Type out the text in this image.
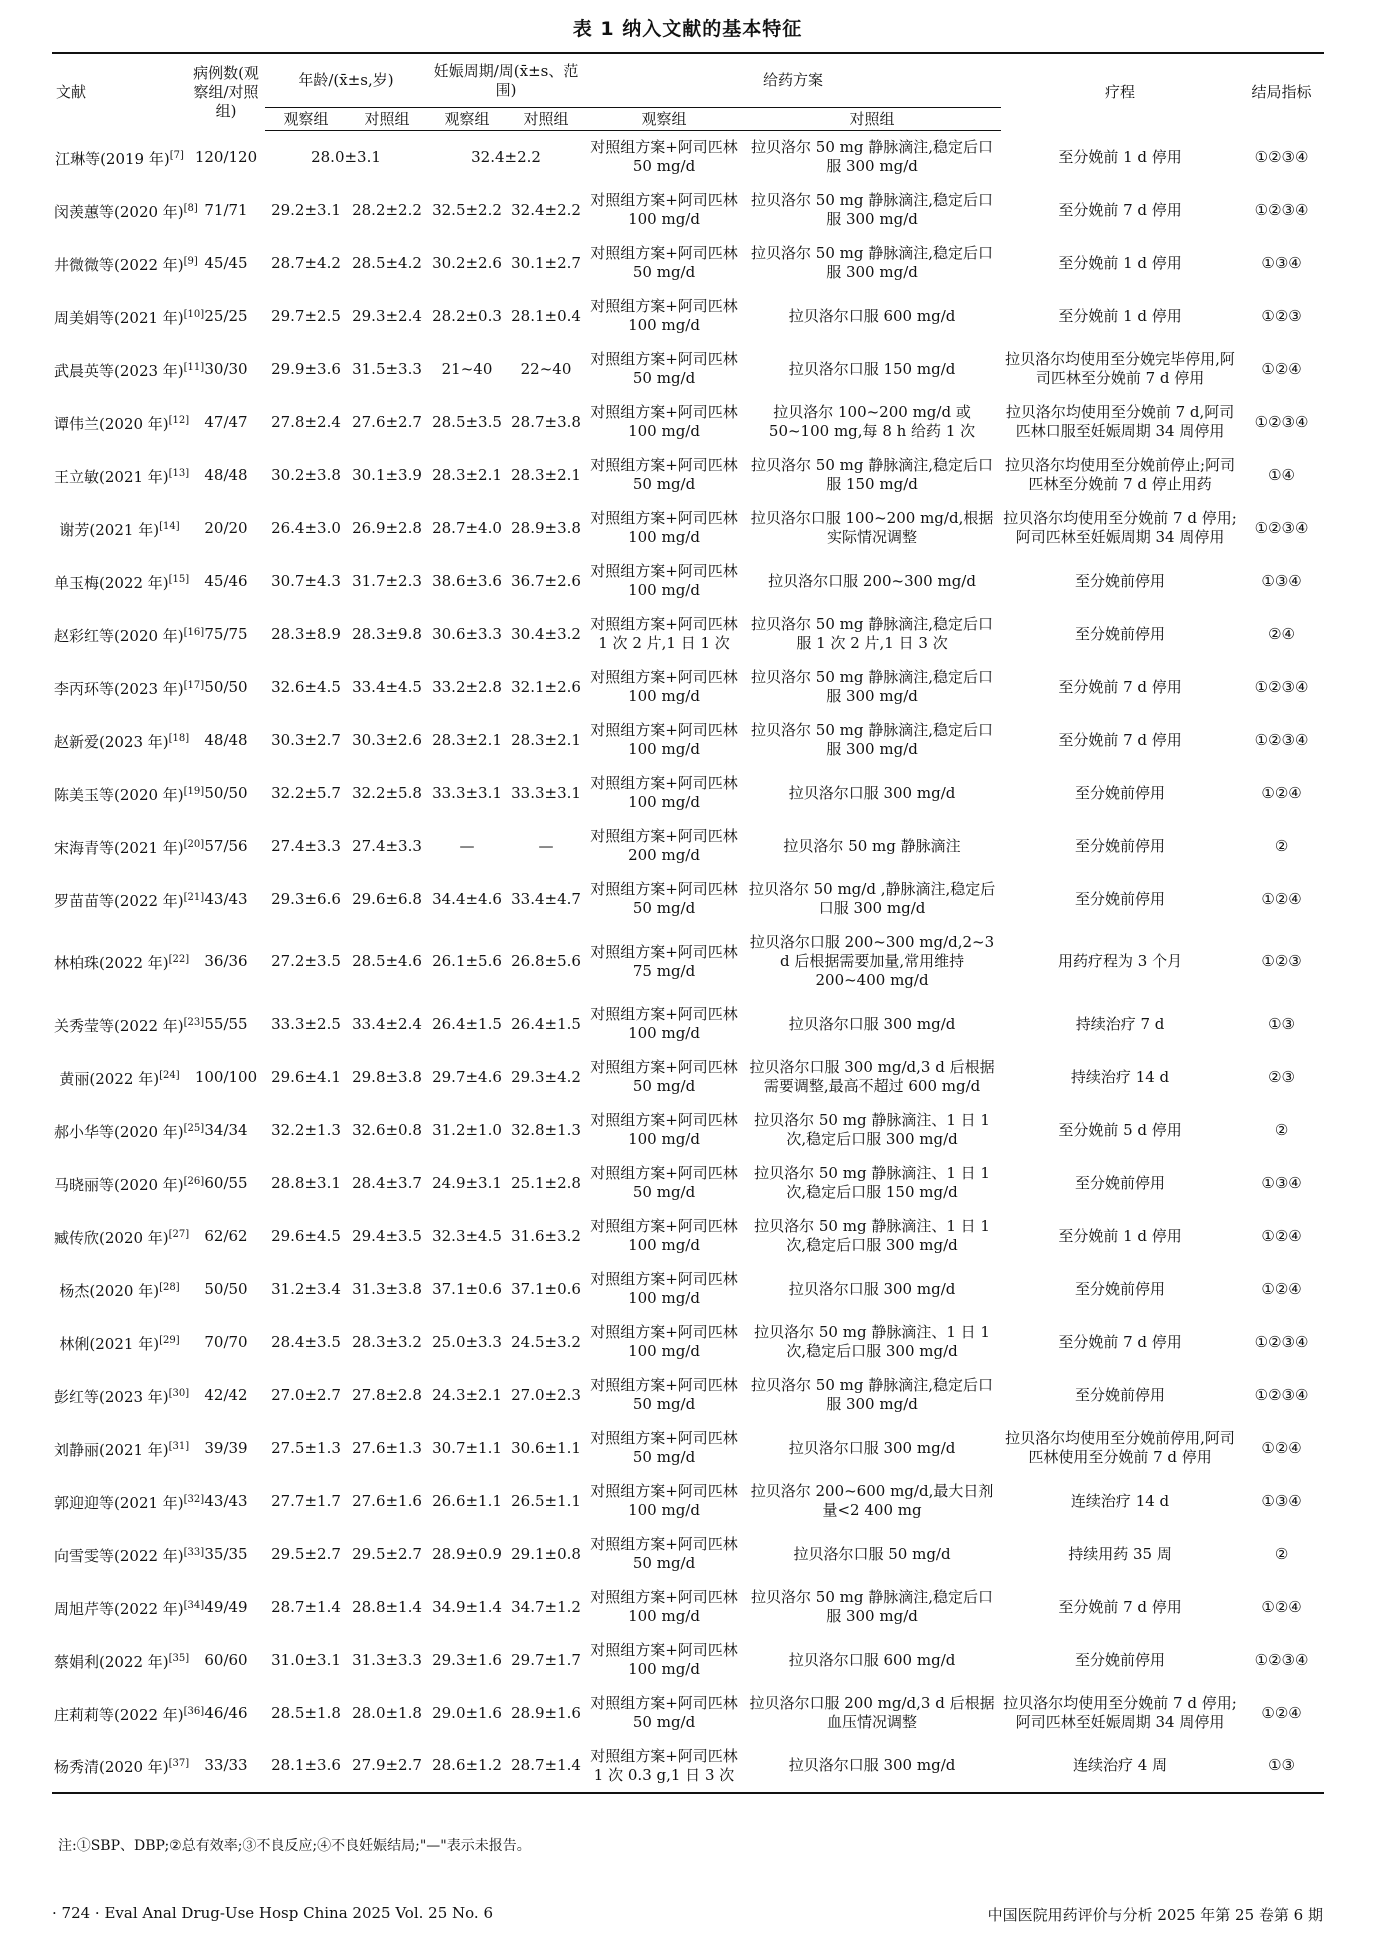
表 1 纳入文献的基本特征
文献	病例数(观察组/对照组)	年龄/(x̄±s,岁)		妊娠周期/周(x̄±s、范围)		给药方案		疗程	结局指标
		观察组	对照组	观察组	对照组	观察组	对照组		
江琳等(2019 年)[7]	120/120	28.0±3.1		32.4±2.2		对照组方案+阿司匹林 50 mg/d	拉贝洛尔 50 mg 静脉滴注,稳定后口服 300 mg/d	至分娩前 1 d 停用	①②③④
闵羡蕙等(2020 年)[8]	71/71	29.2±3.1	28.2±2.2	32.5±2.2	32.4±2.2	对照组方案+阿司匹林 100 mg/d	拉贝洛尔 50 mg 静脉滴注,稳定后口服 300 mg/d	至分娩前 7 d 停用	①②③④
井微微等(2022 年)[9]	45/45	28.7±4.2	28.5±4.2	30.2±2.6	30.1±2.7	对照组方案+阿司匹林 50 mg/d	拉贝洛尔 50 mg 静脉滴注,稳定后口服 300 mg/d	至分娩前 1 d 停用	①③④
周美娟等(2021 年)[10]	25/25	29.7±2.5	29.3±2.4	28.2±0.3	28.1±0.4	对照组方案+阿司匹林 100 mg/d	拉贝洛尔口服 600 mg/d	至分娩前 1 d 停用	①②③
武晨英等(2023 年)[11]	30/30	29.9±3.6	31.5±3.3	21~40	22~40	对照组方案+阿司匹林 50 mg/d	拉贝洛尔口服 150 mg/d	拉贝洛尔均使用至分娩完毕停用,阿司匹林至分娩前 7 d 停用	①②④
谭伟兰(2020 年)[12]	47/47	27.8±2.4	27.6±2.7	28.5±3.5	28.7±3.8	对照组方案+阿司匹林 100 mg/d	拉贝洛尔 100~200 mg/d 或 50~100 mg,每 8 h 给药 1 次	拉贝洛尔均使用至分娩前 7 d,阿司匹林口服至妊娠周期 34 周停用	①②③④
王立敏(2021 年)[13]	48/48	30.2±3.8	30.1±3.9	28.3±2.1	28.3±2.1	对照组方案+阿司匹林 50 mg/d	拉贝洛尔 50 mg 静脉滴注,稳定后口服 150 mg/d	拉贝洛尔均使用至分娩前停止;阿司匹林至分娩前 7 d 停止用药	①④
谢芳(2021 年)[14]	20/20	26.4±3.0	26.9±2.8	28.7±4.0	28.9±3.8	对照组方案+阿司匹林 100 mg/d	拉贝洛尔口服 100~200 mg/d,根据实际情况调整	拉贝洛尔均使用至分娩前 7 d 停用;阿司匹林至妊娠周期 34 周停用	①②③④
单玉梅(2022 年)[15]	45/46	30.7±4.3	31.7±2.3	38.6±3.6	36.7±2.6	对照组方案+阿司匹林 100 mg/d	拉贝洛尔口服 200~300 mg/d	至分娩前停用	①③④
赵彩红等(2020 年)[16]	75/75	28.3±8.9	28.3±9.8	30.6±3.3	30.4±3.2	对照组方案+阿司匹林 1 次 2 片,1 日 1 次	拉贝洛尔 50 mg 静脉滴注,稳定后口服 1 次 2 片,1 日 3 次	至分娩前停用	②④
李丙环等(2023 年)[17]	50/50	32.6±4.5	33.4±4.5	33.2±2.8	32.1±2.6	对照组方案+阿司匹林 100 mg/d	拉贝洛尔 50 mg 静脉滴注,稳定后口服 300 mg/d	至分娩前 7 d 停用	①②③④
赵新爱(2023 年)[18]	48/48	30.3±2.7	30.3±2.6	28.3±2.1	28.3±2.1	对照组方案+阿司匹林 100 mg/d	拉贝洛尔 50 mg 静脉滴注,稳定后口服 300 mg/d	至分娩前 7 d 停用	①②③④
陈美玉等(2020 年)[19]	50/50	32.2±5.7	32.2±5.8	33.3±3.1	33.3±3.1	对照组方案+阿司匹林 100 mg/d	拉贝洛尔口服 300 mg/d	至分娩前停用	①②④
宋海青等(2021 年)[20]	57/56	27.4±3.3	27.4±3.3	—	—	对照组方案+阿司匹林 200 mg/d	拉贝洛尔 50 mg 静脉滴注	至分娩前停用	②
罗苗苗等(2022 年)[21]	43/43	29.3±6.6	29.6±6.8	34.4±4.6	33.4±4.7	对照组方案+阿司匹林 50 mg/d	拉贝洛尔 50 mg/d ,静脉滴注,稳定后口服 300 mg/d	至分娩前停用	①②④
林柏珠(2022 年)[22]	36/36	27.2±3.5	28.5±4.6	26.1±5.6	26.8±5.6	对照组方案+阿司匹林 75 mg/d	拉贝洛尔口服 200~300 mg/d,2~3 d 后根据需要加量,常用维持 200~400 mg/d	用药疗程为 3 个月	①②③
关秀莹等(2022 年)[23]	55/55	33.3±2.5	33.4±2.4	26.4±1.5	26.4±1.5	对照组方案+阿司匹林 100 mg/d	拉贝洛尔口服 300 mg/d	持续治疗 7 d	①③
黄丽(2022 年)[24]	100/100	29.6±4.1	29.8±3.8	29.7±4.6	29.3±4.2	对照组方案+阿司匹林 50 mg/d	拉贝洛尔口服 300 mg/d,3 d 后根据需要调整,最高不超过 600 mg/d	持续治疗 14 d	②③
郝小华等(2020 年)[25]	34/34	32.2±1.3	32.6±0.8	31.2±1.0	32.8±1.3	对照组方案+阿司匹林 100 mg/d	拉贝洛尔 50 mg 静脉滴注、1 日 1 次,稳定后口服 300 mg/d	至分娩前 5 d 停用	②
马晓丽等(2020 年)[26]	60/55	28.8±3.1	28.4±3.7	24.9±3.1	25.1±2.8	对照组方案+阿司匹林 50 mg/d	拉贝洛尔 50 mg 静脉滴注、1 日 1 次,稳定后口服 150 mg/d	至分娩前停用	①③④
臧传欣(2020 年)[27]	62/62	29.6±4.5	29.4±3.5	32.3±4.5	31.6±3.2	对照组方案+阿司匹林 100 mg/d	拉贝洛尔 50 mg 静脉滴注、1 日 1 次,稳定后口服 300 mg/d	至分娩前 1 d 停用	①②④
杨杰(2020 年)[28]	50/50	31.2±3.4	31.3±3.8	37.1±0.6	37.1±0.6	对照组方案+阿司匹林 100 mg/d	拉贝洛尔口服 300 mg/d	至分娩前停用	①②④
林俐(2021 年)[29]	70/70	28.4±3.5	28.3±3.2	25.0±3.3	24.5±3.2	对照组方案+阿司匹林 100 mg/d	拉贝洛尔 50 mg 静脉滴注、1 日 1 次,稳定后口服 300 mg/d	至分娩前 7 d 停用	①②③④
彭红等(2023 年)[30]	42/42	27.0±2.7	27.8±2.8	24.3±2.1	27.0±2.3	对照组方案+阿司匹林 50 mg/d	拉贝洛尔 50 mg 静脉滴注,稳定后口服 300 mg/d	至分娩前停用	①②③④
刘静丽(2021 年)[31]	39/39	27.5±1.3	27.6±1.3	30.7±1.1	30.6±1.1	对照组方案+阿司匹林 50 mg/d	拉贝洛尔口服 300 mg/d	拉贝洛尔均使用至分娩前停用,阿司匹林使用至分娩前 7 d 停用	①②④
郭迎迎等(2021 年)[32]	43/43	27.7±1.7	27.6±1.6	26.6±1.1	26.5±1.1	对照组方案+阿司匹林 100 mg/d	拉贝洛尔 200~600 mg/d,最大日剂量<2 400 mg	连续治疗 14 d	①③④
向雪雯等(2022 年)[33]	35/35	29.5±2.7	29.5±2.7	28.9±0.9	29.1±0.8	对照组方案+阿司匹林 50 mg/d	拉贝洛尔口服 50 mg/d	持续用药 35 周	②
周旭芹等(2022 年)[34]	49/49	28.7±1.4	28.8±1.4	34.9±1.4	34.7±1.2	对照组方案+阿司匹林 100 mg/d	拉贝洛尔 50 mg 静脉滴注,稳定后口服 300 mg/d	至分娩前 7 d 停用	①②④
蔡娟利(2022 年)[35]	60/60	31.0±3.1	31.3±3.3	29.3±1.6	29.7±1.7	对照组方案+阿司匹林 100 mg/d	拉贝洛尔口服 600 mg/d	至分娩前停用	①②③④
庄莉莉等(2022 年)[36]	46/46	28.5±1.8	28.0±1.8	29.0±1.6	28.9±1.6	对照组方案+阿司匹林 50 mg/d	拉贝洛尔口服 200 mg/d,3 d 后根据血压情况调整	拉贝洛尔均使用至分娩前 7 d 停用;阿司匹林至妊娠周期 34 周停用	①②④
杨秀清(2020 年)[37]	33/33	28.1±3.6	27.9±2.7	28.6±1.2	28.7±1.4	对照组方案+阿司匹林 1 次 0.3 g,1 日 3 次	拉贝洛尔口服 300 mg/d	连续治疗 4 周	①③
注:①SBP、DBP;②总有效率;③不良反应;④不良妊娠结局;"—"表示未报告。
· 724 · Eval Anal Drug-Use Hosp China 2025 Vol. 25 No. 6	中国医院用药评价与分析 2025 年第 25 卷第 6 期
